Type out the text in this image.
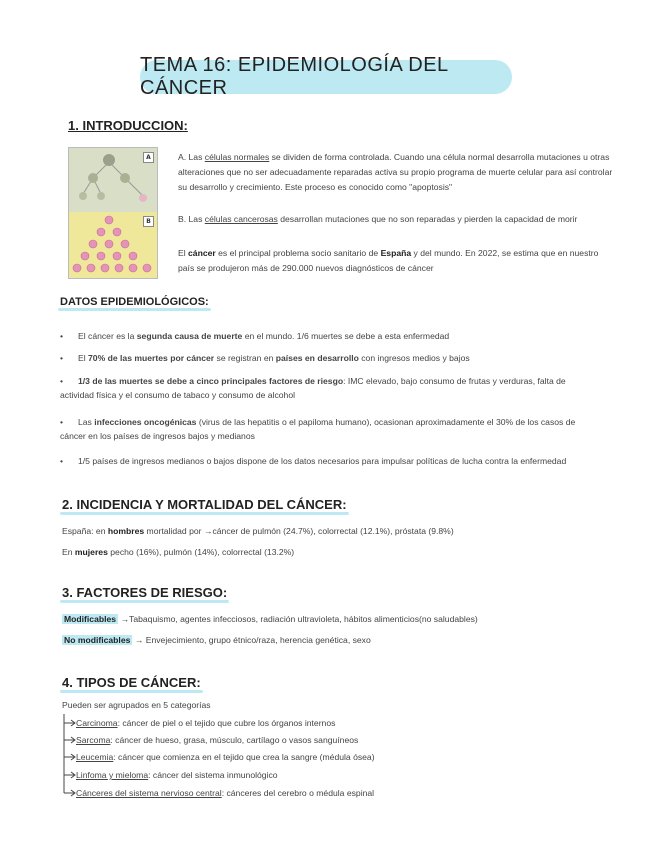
TEMA 16: EPIDEMIOLOGÍA DEL CÁNCER
1. INTRODUCCION:
A
B
A. Las células normales se dividen de forma controlada. Cuando una célula normal desarrolla mutaciones u otras alteraciones que no ser adecuadamente reparadas activa su propio programa de muerte celular para así controlar su desarrollo y crecimiento. Este proceso es conocido como "apoptosis"
B. Las células cancerosas desarrollan mutaciones que no son reparadas y pierden la capacidad de morir
El cáncer es el principal problema socio sanitario de España y del mundo. En 2022, se estima que en nuestro país se produjeron más de 290.000 nuevos diagnósticos de cáncer
DATOS EPIDEMIOLÓGICOS:
• El cáncer es la segunda causa de muerte en el mundo. 1/6 muertes se debe a esta enfermedad
• El 70% de las muertes por cáncer se registran en países en desarrollo con ingresos medios y bajos
• 1/3 de las muertes se debe a cinco principales factores de riesgo: IMC elevado, bajo consumo de frutas y verduras, falta de actividad física y el consumo de tabaco y consumo de alcohol
• Las infecciones oncogénicas (virus de las hepatitis o el papiloma humano), ocasionan aproximadamente el 30% de los casos de cáncer en los países de ingresos bajos y medianos
• 1/5 países de ingresos medianos o bajos dispone de los datos necesarios para impulsar políticas de lucha contra la enfermedad
2. INCIDENCIA Y MORTALIDAD DEL CÁNCER:
España: en hombres mortalidad por →cáncer de pulmón (24.7%), colorrectal (12.1%), próstata (9.8%)
En mujeres pecho (16%), pulmón (14%), colorrectal (13.2%)
3. FACTORES DE RIESGO:
Modificables →Tabaquismo, agentes infecciosos, radiación ultravioleta, hábitos alimenticios(no saludables)
No modificables → Envejecimiento, grupo étnico/raza, herencia genética, sexo
4. TIPOS DE CÁNCER:
Pueden ser agrupados en 5 categorías
Carcinoma: cáncer de piel o el tejido que cubre los órganos internos
Sarcoma: cáncer de hueso, grasa, músculo, cartílago o vasos sanguíneos
Leucemia: cáncer que comienza en el tejido que crea la sangre (médula ósea)
Linfoma y mieloma: cáncer del sistema inmunológico
Cánceres del sistema nervioso central: cánceres del cerebro o médula espinal
